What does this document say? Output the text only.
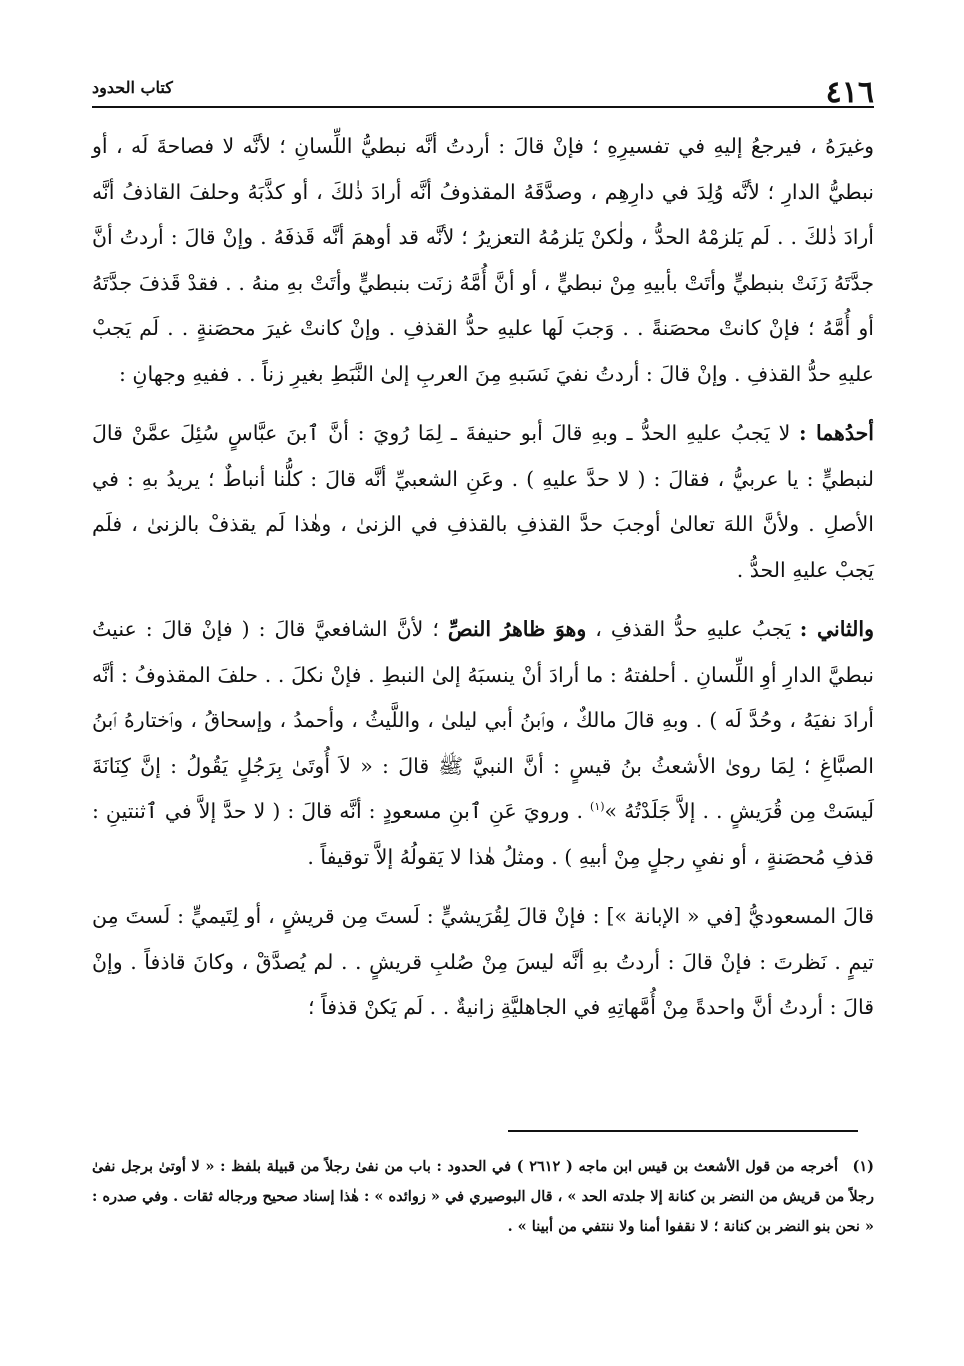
٤١٦
كتاب الحدود

وغيرَهُ ، فيرجعُ إليهِ في تفسيرِهِ ؛ فإنْ قالَ : أردتُ أنَّه نبطيُّ اللِّسانِ ؛ لأنَّه لا فصاحةَ لَه ، أو نبطيُّ الدارِ ؛ لأنَّه وُلِدَ في دارِهِم ، وصدَّقَهُ المقذوفُ أنَّه أرادَ ذٰلكَ ، أو كذَّبَهُ وحلفَ القاذفُ أنَّه أرادَ ذٰلكَ . . لَم يَلزمْهُ الحدُّ ، ولٰكنْ يَلزمُهُ التعزيرُ ؛ لأنَّه قد أوهمَ أنَّه قَذفَهُ . وإنْ قالَ : أردتُ أنَّ جدَّتَهُ زَنَتْ بنبطيٍّ وأتَتْ بأبيهِ مِنْ نبطيٍّ ، أو أنَّ أُمَّهُ زنَت بنبطيٍّ وأتَتْ بهِ منهُ . . فقدْ قَذفَ جدَّتَهُ أو أُمَّهُ ؛ فإنْ كانتْ محصَنةً . . وَجبَ لَها عليهِ حدُّ القذفِ . وإنْ كانتْ غيرَ محصَنةٍ . . لَم يَجبْ عليهِ حدُّ القذفِ . وإنْ قالَ : أردتُ نفيَ نَسَبهِ مِنَ العربِ إلىٰ النَّبَطِ بغيرِ زناً . . ففيهِ وجهانِ :

أحدُهما : لا يَجبُ عليهِ الحدُّ ـ وبهِ قالَ أبو حنيفةَ ـ لِمَا رُويَ : أنَّ ٱبنَ عبَّاسٍ سُئِلَ عمَّنْ قالَ لنبطيٍّ : يا عربيُّ ، فقالَ : ( لا حدَّ عليهِ ) . وعَنِ الشعبيِّ أنَّه قالَ : كلُّنا أنباطٌ ؛ يريدُ بهِ : في الأصلِ . ولأنَّ اللهَ تعالىٰ أوجبَ حدَّ القذفِ بالقذفِ في الزنىٰ ، وهٰذا لَم يقذفْ بالزنىٰ ، فلَم يَجبْ عليهِ الحدُّ .

والثاني : يَجبُ عليهِ حدُّ القذفِ ، وهوَ ظاهرُ النصِّ ؛ لأنَّ الشافعيَّ قالَ : ( فإنْ قالَ : عنيتُ نبطيَّ الدارِ أوِ اللِّسانِ . أحلفتهُ : ما أرادَ أنْ ينسبَهُ إلىٰ النبطِ . فإنْ نكلَ . . حلفَ المقذوفُ : أنَّه أرادَ نفيَهُ ، وحُدَّ لَه ) . وبهِ قالَ مالكٌ ، وٱبنُ أبي ليلىٰ ، واللَّيثُ ، وأحمدُ ، وإسحاقُ ، وٱختارهُ ٱبنُ الصبَّاغِ ؛ لِمَا روىٰ الأشعثُ بنُ قيسٍ : أنَّ النبيَّ ﷺ قالَ : « لاَ أُوتَىٰ بِرَجُلٍ يَقُولُ : إنَّ كِنَانَةَ لَيسَتْ مِن قُرَيشٍ . . إلاَّ جَلَدْتُهُ »$^{(١)}$ . ورويَ عَنِ ٱبنِ مسعودٍ : أنَّه قالَ : ( لا حدَّ إلاَّ في ٱثنتينِ : قذفِ مُحصَنةٍ ، أو نفيِ رجلٍ مِنْ أبيهِ ) . ومثلُ هٰذا لا يَقولُهُ إلاَّ توقيفاً .

قالَ المسعوديُّ [في « الإبانة »] : فإنْ قالَ لِقُرَيشيٍّ : لَستَ مِن قريشٍ ، أو لِتَيميٍّ : لَستَ مِن تيمٍ . نَظرتَ : فإنْ قالَ : أردتُ بهِ أنَّه ليسَ مِنْ صُلبِ قريشٍ . . لم يُصدَّقْ ، وكانَ قاذفاً . وإنْ قالَ : أردتُ أنَّ واحدةً مِنْ أُمَّهاتِهِ في الجاهليَّةِ زانيةٌ . . لَم يَكنْ قذفاً ؛

(١)أخرجه من قول الأشعث بن قيس ابن ماجه ( ٢٦١٢ ) في الحدود : باب من نفىٰ رجلاً من قبيلة بلفظ : « لا أوتىٰ برجل نفىٰ رجلاً من قريش من النضر بن كنانة إلا جلدته الحد » ، قال البوصيري في « زوائده » : هٰذا إسناد صحيح ورجاله ثقات . وفي صدره : « نحن بنو النضر بن كنانة ؛ لا نقفوا أمنا ولا ننتفي من أبينا » .
